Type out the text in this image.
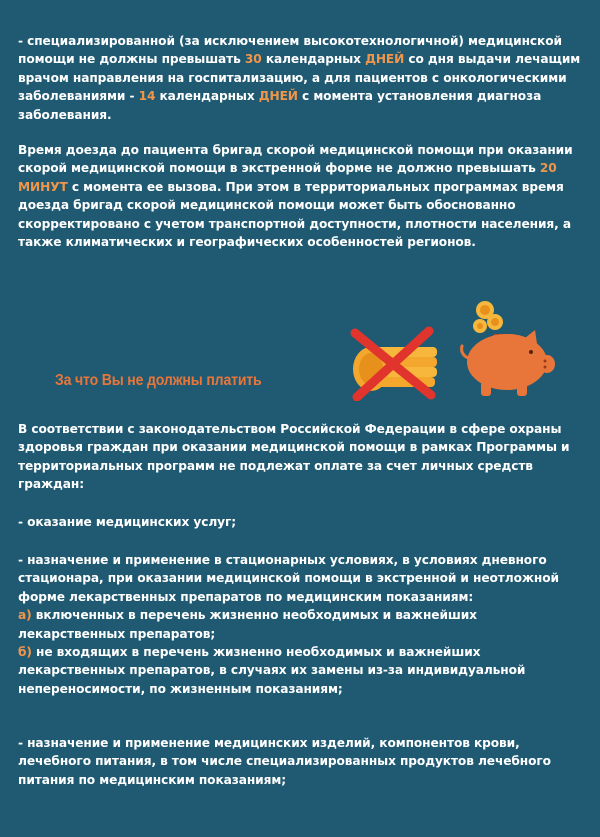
- специализированной (за исключением высокотехнологичной) медицинской помощи не должны превышать 30 календарных ДНЕЙ со дня выдачи лечащим врачом направления на госпитализацию, а для пациентов с онкологическими заболеваниями - 14 календарных ДНЕЙ с момента установления диагноза заболевания.

Время доезда до пациента бригад скорой медицинской помощи при оказании скорой медицинской помощи в экстренной форме не должно превышать 20 МИНУТ с момента ее вызова. При этом в территориальных программах время доезда бригад скорой медицинской помощи может быть обоснованно скорректировано с учетом транспортной доступности, плотности населения, а также климатических и географических особенностей регионов.

За что Вы не должны платить

В соответствии с законодательством Российской Федерации в сфере охраны здоровья граждан при оказании медицинской помощи в рамках Программы и территориальных программ не подлежат оплате за счет личных средств граждан:

- оказание медицинских услуг;

- назначение и применение в стационарных условиях, в условиях дневного стационара, при оказании медицинской помощи в экстренной и неотложной форме лекарственных препаратов по медицинским показаниям:
а) включенных в перечень жизненно необходимых и важнейших лекарственных препаратов;
б) не входящих в перечень жизненно необходимых и важнейших лекарственных препаратов, в случаях их замены из-за индивидуальной непереносимости, по жизненным показаниям;

- назначение и применение медицинских изделий, компонентов крови, лечебного питания, в том числе специализированных продуктов лечебного питания по медицинским показаниям;
